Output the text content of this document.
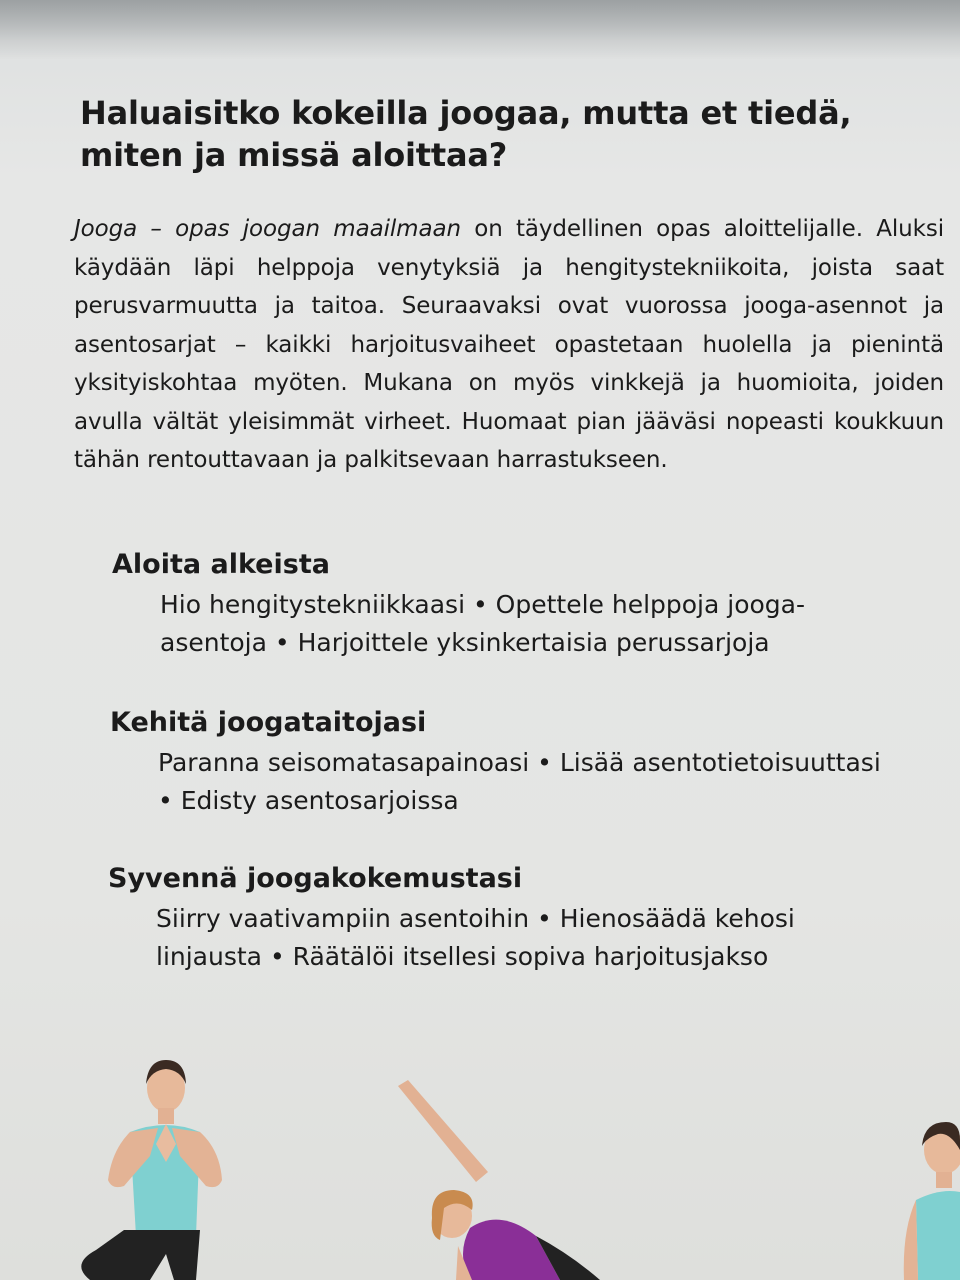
Haluaisitko kokeilla joogaa, mutta et tiedä, miten ja missä aloittaa?

Jooga – opas joogan maailmaan on täydellinen opas aloittelijalle. Aluksi käydään läpi helppoja venytyksiä ja hengitystekniikoita, joista saat perusvarmuutta ja taitoa. Seuraavaksi ovat vuorossa jooga-asennot ja asentosarjat – kaikki harjoitusvaiheet opastetaan huolella ja pienintä yksityiskohtaa myöten. Mukana on myös vinkkejä ja huomioita, joiden avulla vältät yleisimmät virheet. Huomaat pian jääväsi nopeasti koukkuun tähän rentouttavaan ja palkitsevaan harrastukseen.

Aloita alkeista

Hio hengitystekniikkaasi • Opettele helppoja jooga-asentoja • Harjoittele yksinkertaisia perussarjoja

Kehitä joogataitojasi

Paranna seisomatasapainoasi • Lisää asentotietoisuuttasi • Edisty asentosarjoissa

Syvennä joogakokemustasi

Siirry vaativampiin asentoihin • Hienosäädä kehosi linjausta • Räätälöi itsellesi sopiva harjoitusjakso
